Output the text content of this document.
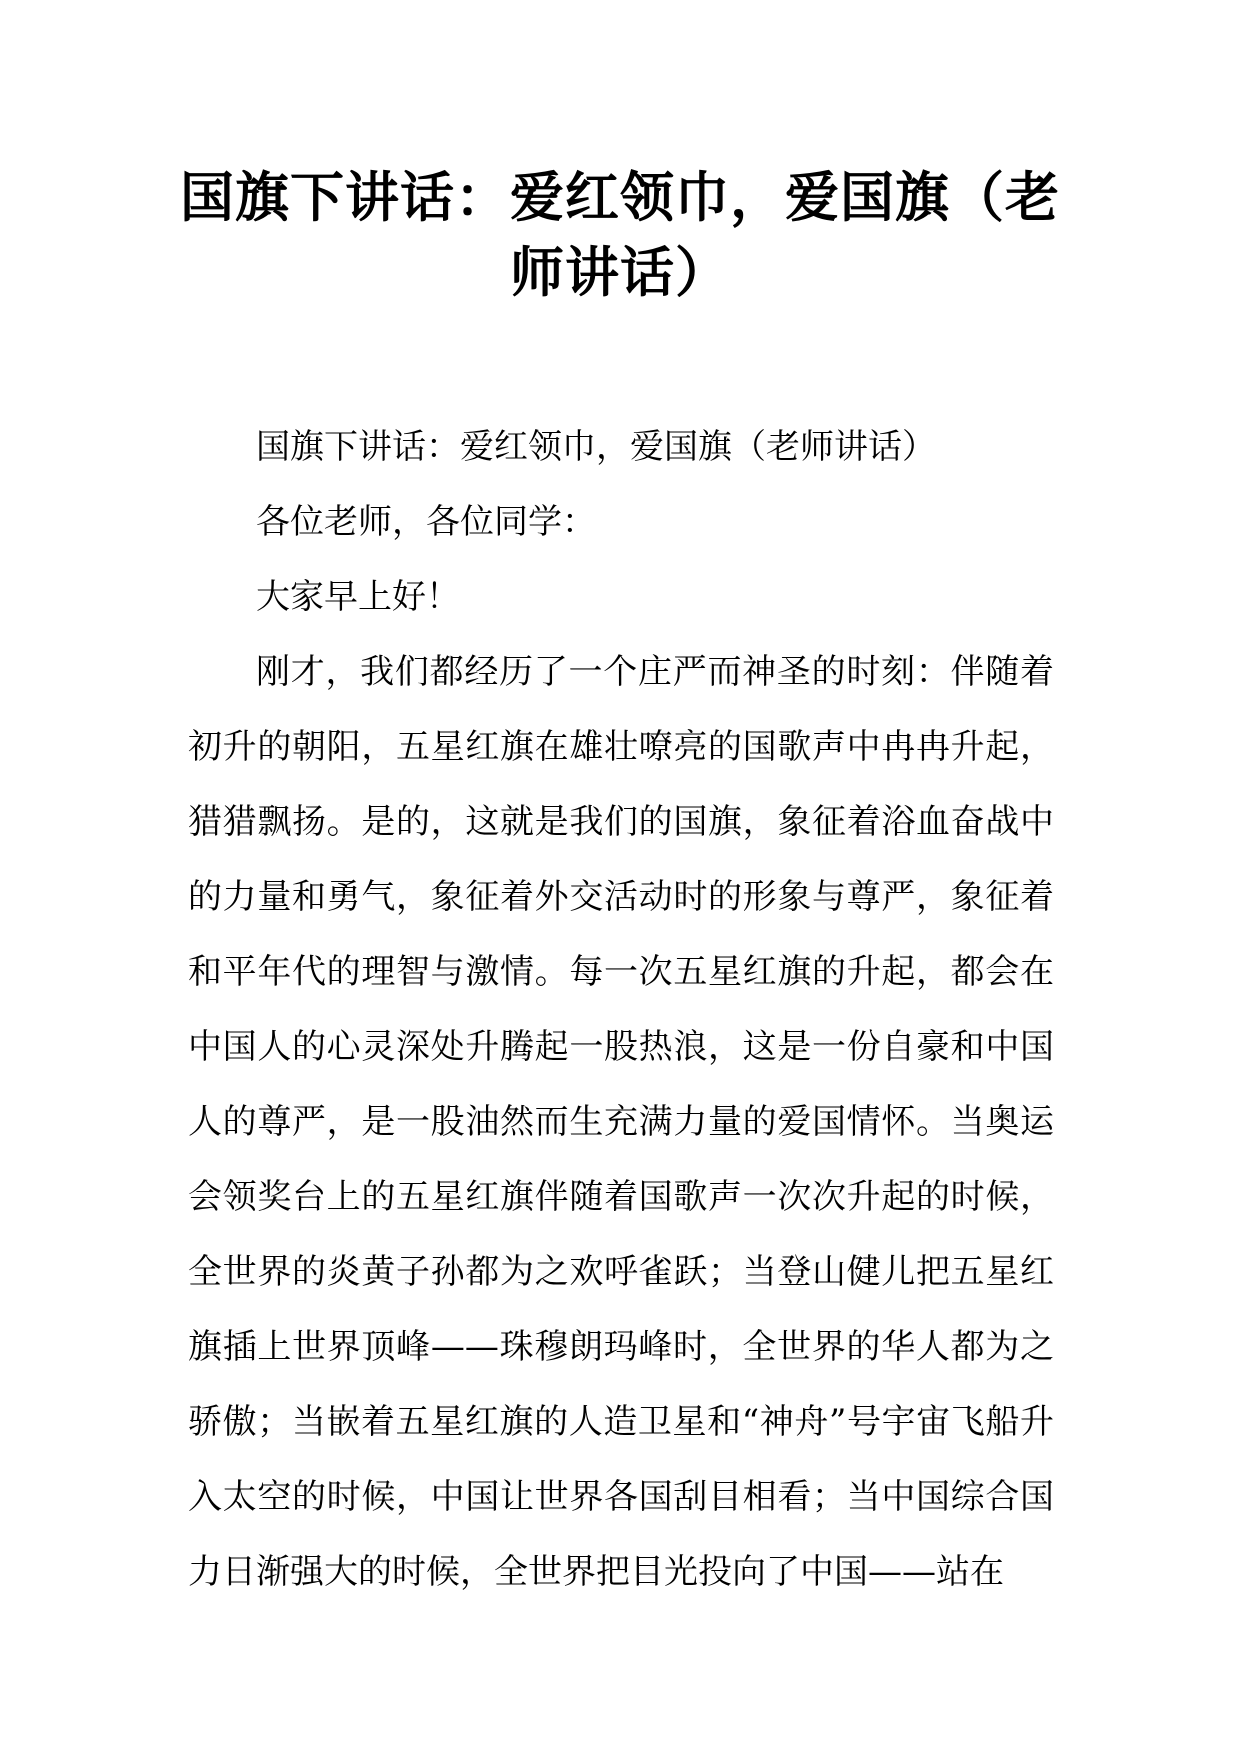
国旗下讲话：爱红领巾，爱国旗（老师讲话）

国旗下讲话：爱红领巾，爱国旗（老师讲话）

各位老师，各位同学：

大家早上好！

刚才，我们都经历了一个庄严而神圣的时刻：伴随着初升的朝阳，五星红旗在雄壮嘹亮的国歌声中冉冉升起，猎猎飘扬。是的，这就是我们的国旗，象征着浴血奋战中的力量和勇气，象征着外交活动时的形象与尊严，象征着和平年代的理智与激情。每一次五星红旗的升起，都会在中国人的心灵深处升腾起一股热浪，这是一份自豪和中国人的尊严，是一股油然而生充满力量的爱国情怀。当奥运会领奖台上的五星红旗伴随着国歌声一次次升起的时候，全世界的炎黄子孙都为之欢呼雀跃；当登山健儿把五星红旗插上世界顶峰——珠穆朗玛峰时，全世界的华人都为之骄傲；当嵌着五星红旗的人造卫星和“神舟”号宇宙飞船升入太空的时候，中国让世界各国刮目相看；当中国综合国力日渐强大的时候，全世界把目光投向了中国——站在
